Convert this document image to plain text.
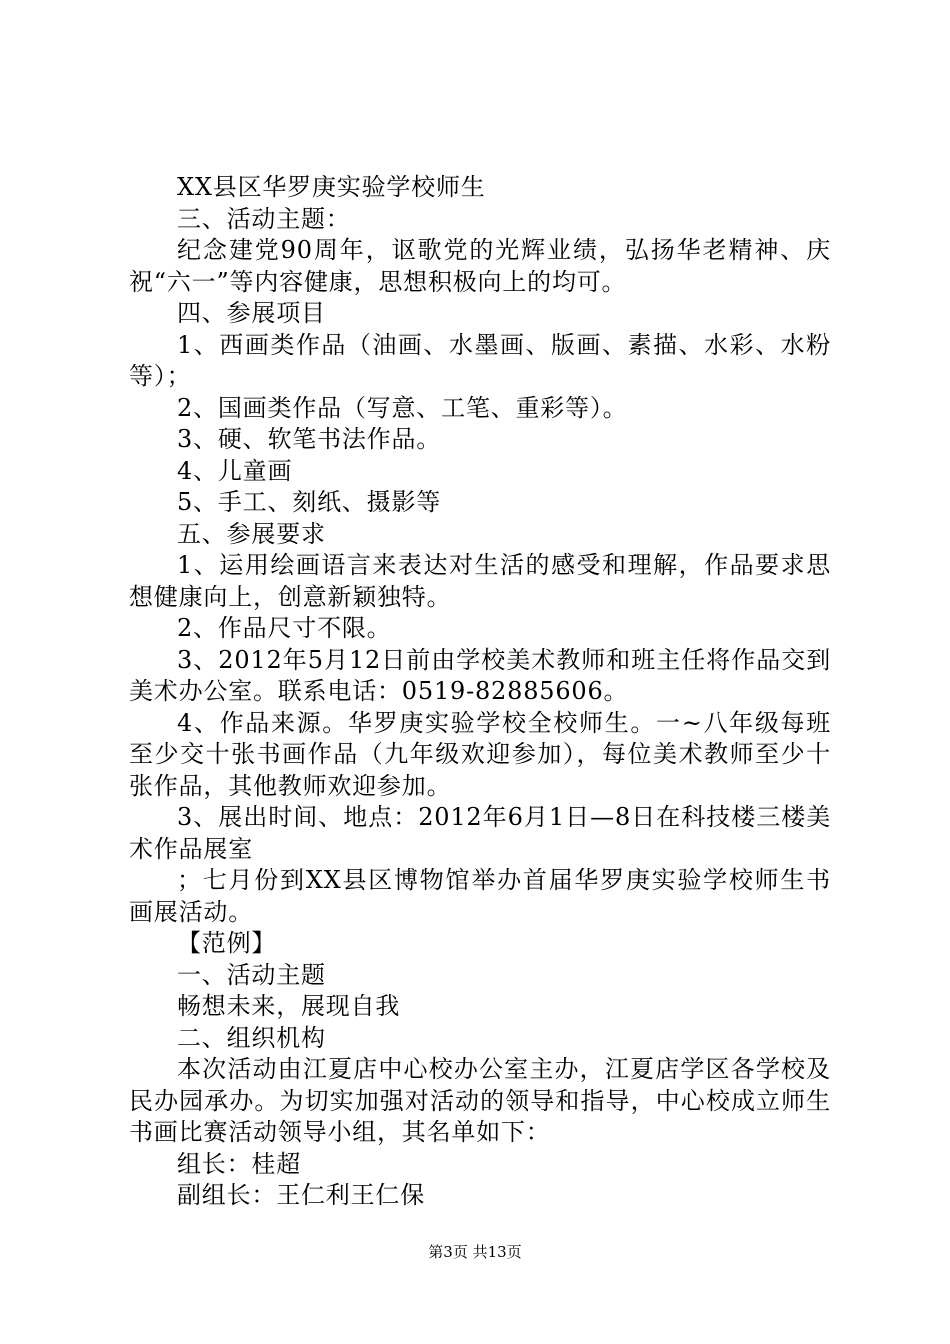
XX县区华罗庚实验学校师生

三、活动主题：

纪念建党90周年，讴歌党的光辉业绩，弘扬华老精神、庆祝“六一”等内容健康，思想积极向上的均可。

四、参展项目

1、西画类作品（油画、水墨画、版画、素描、水彩、水粉等）；

2、国画类作品（写意、工笔、重彩等）。

3、硬、软笔书法作品。

4、儿童画

5、手工、刻纸、摄影等

五、参展要求

1、运用绘画语言来表达对生活的感受和理解，作品要求思想健康向上，创意新颖独特。

2、作品尺寸不限。

3、2012年5月12日前由学校美术教师和班主任将作品交到美术办公室。联系电话：0519-82885606。

4、作品来源。华罗庚实验学校全校师生。一~八年级每班至少交十张书画作品（九年级欢迎参加），每位美术教师至少十张作品，其他教师欢迎参加。

3、展出时间、地点：2012年6月1日—8日在科技楼三楼美术作品展室

；七月份到XX县区博物馆举办首届华罗庚实验学校师生书画展活动。

【范例】

一、活动主题

畅想未来，展现自我

二、组织机构

本次活动由江夏店中心校办公室主办，江夏店学区各学校及民办园承办。为切实加强对活动的领导和指导，中心校成立师生书画比赛活动领导小组，其名单如下：

组长：桂超

副组长：王仁利王仁保

第3页 共13页
